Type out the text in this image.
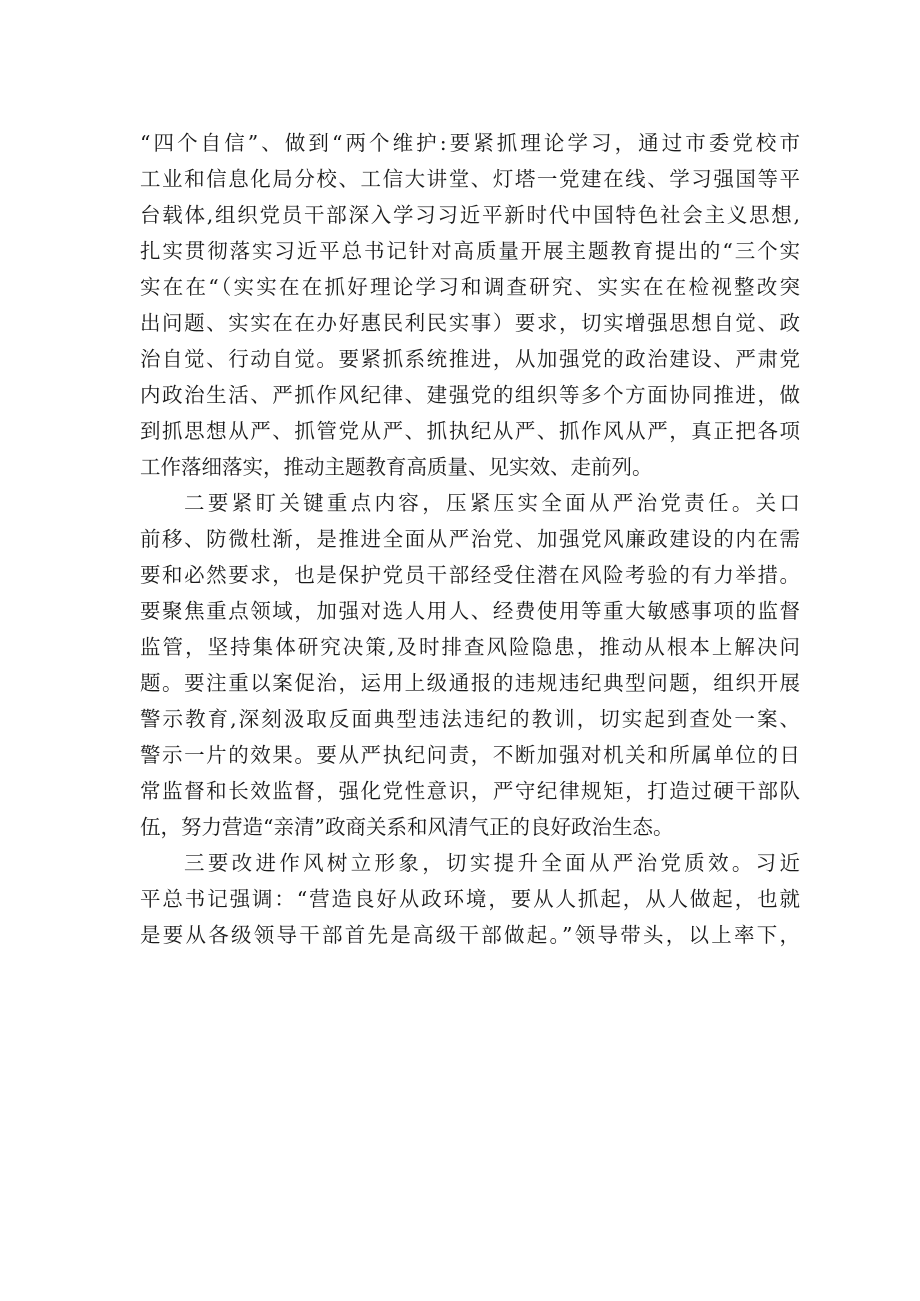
“四个自信”、做到“两个维护:要紧抓理论学习，通过市委党校市
工业和信息化局分校、工信大讲堂、灯塔一党建在线、学习强国等平
台载体,组织党员干部深入学习习近平新时代中国特色社会主义思想,
扎实贯彻落实习近平总书记针对高质量开展主题教育提出的“三个实
实在在“（实实在在抓好理论学习和调查研究、实实在在检视整改突
出问题、实实在在办好惠民利民实事）要求，切实增强思想自觉、政
治自觉、行动自觉。要紧抓系统推进，从加强党的政治建设、严肃党
内政治生活、严抓作风纪律、建强党的组织等多个方面协同推进，做
到抓思想从严、抓管党从严、抓执纪从严、抓作风从严，真正把各项
工作落细落实，推动主题教育高质量、见实效、走前列。
二要紧盯关键重点内容，压紧压实全面从严治党责任。关口
前移、防微杜渐，是推进全面从严治党、加强党风廉政建设的内在需
要和必然要求，也是保护党员干部经受住潜在风险考验的有力举措。
要聚焦重点领域，加强对选人用人、经费使用等重大敏感事项的监督
监管，坚持集体研究决策,及时排查风险隐患，推动从根本上解决问
题。要注重以案促治，运用上级通报的违规违纪典型问题，组织开展
警示教育,深刻汲取反面典型违法违纪的教训，切实起到查处一案、
警示一片的效果。要从严执纪问责，不断加强对机关和所属单位的日
常监督和长效监督，强化党性意识，严守纪律规矩，打造过硬干部队
伍，努力营造“亲清”政商关系和风清气正的良好政治生态。
三要改进作风树立形象，切实提升全面从严治党质效。习近
平总书记强调：“营造良好从政环境，要从人抓起，从人做起，也就
是要从各级领导干部首先是高级干部做起。”领导带头，以上率下，
